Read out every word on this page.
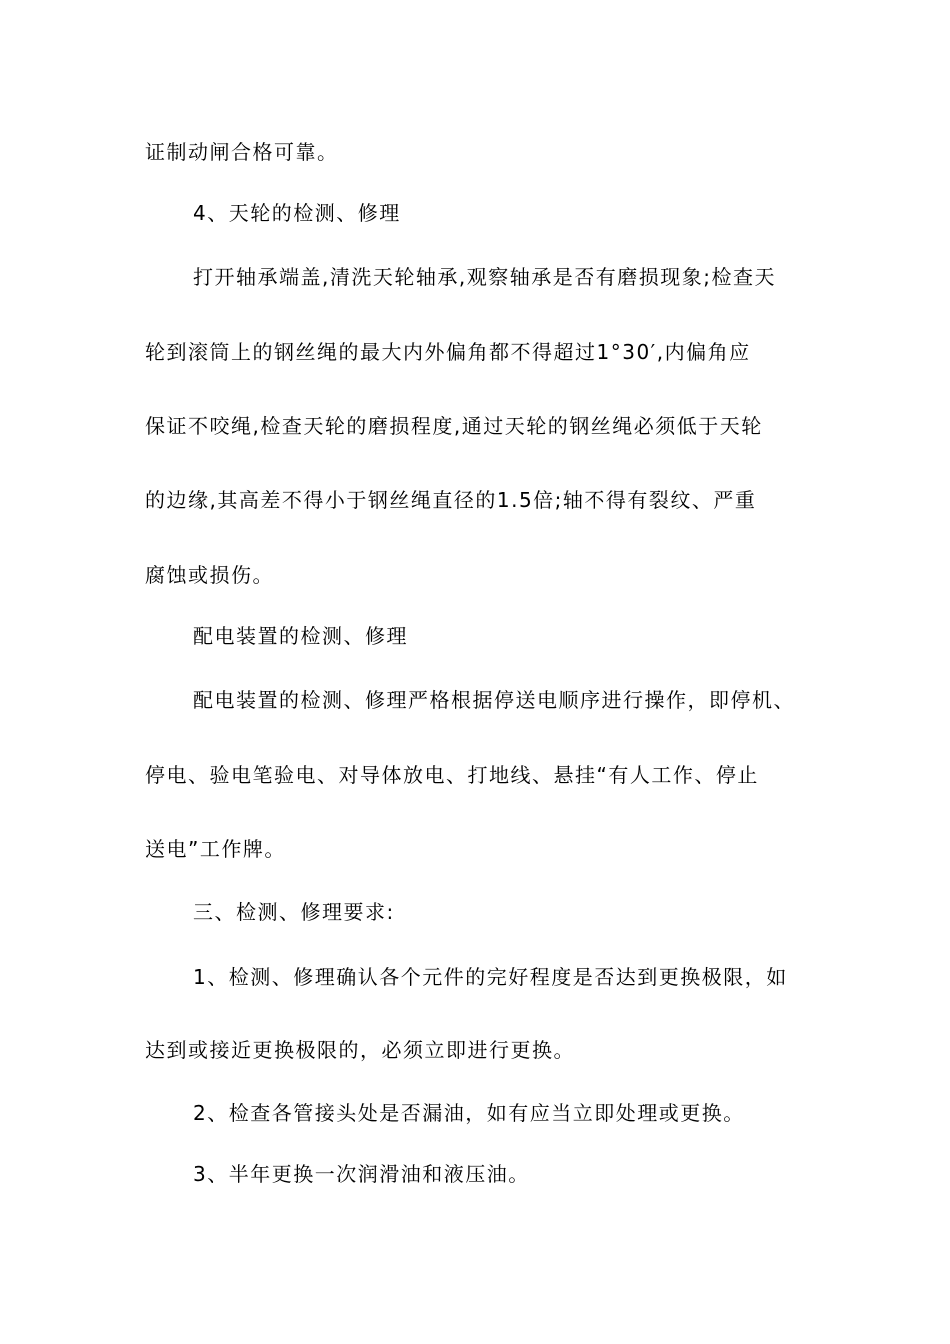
证制动闸合格可靠。
4、天轮的检测、修理
打开轴承端盖,清洗天轮轴承,观察轴承是否有磨损现象;检查天
轮到滚筒上的钢丝绳的最大内外偏角都不得超过1°30′,内偏角应
保证不咬绳,检查天轮的磨损程度,通过天轮的钢丝绳必须低于天轮
的边缘,其高差不得小于钢丝绳直径的1.5倍;轴不得有裂纹、严重
腐蚀或损伤。
配电装置的检测、修理
配电装置的检测、修理严格根据停送电顺序进行操作，即停机、
停电、验电笔验电、对导体放电、打地线、悬挂“有人工作、停止
送电”工作牌。
三、检测、修理要求:
1、检测、修理确认各个元件的完好程度是否达到更换极限，如
达到或接近更换极限的，必须立即进行更换。
2、检查各管接头处是否漏油，如有应当立即处理或更换。
3、半年更换一次润滑油和液压油。
